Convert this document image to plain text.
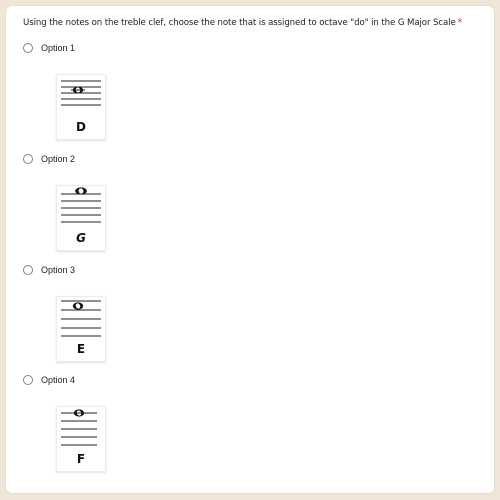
Using the notes on the treble clef, choose the note that is assigned to octave "do" in the G Major Scale *
Option 1
D
Option 2
G
Option 3
E
Option 4
F
